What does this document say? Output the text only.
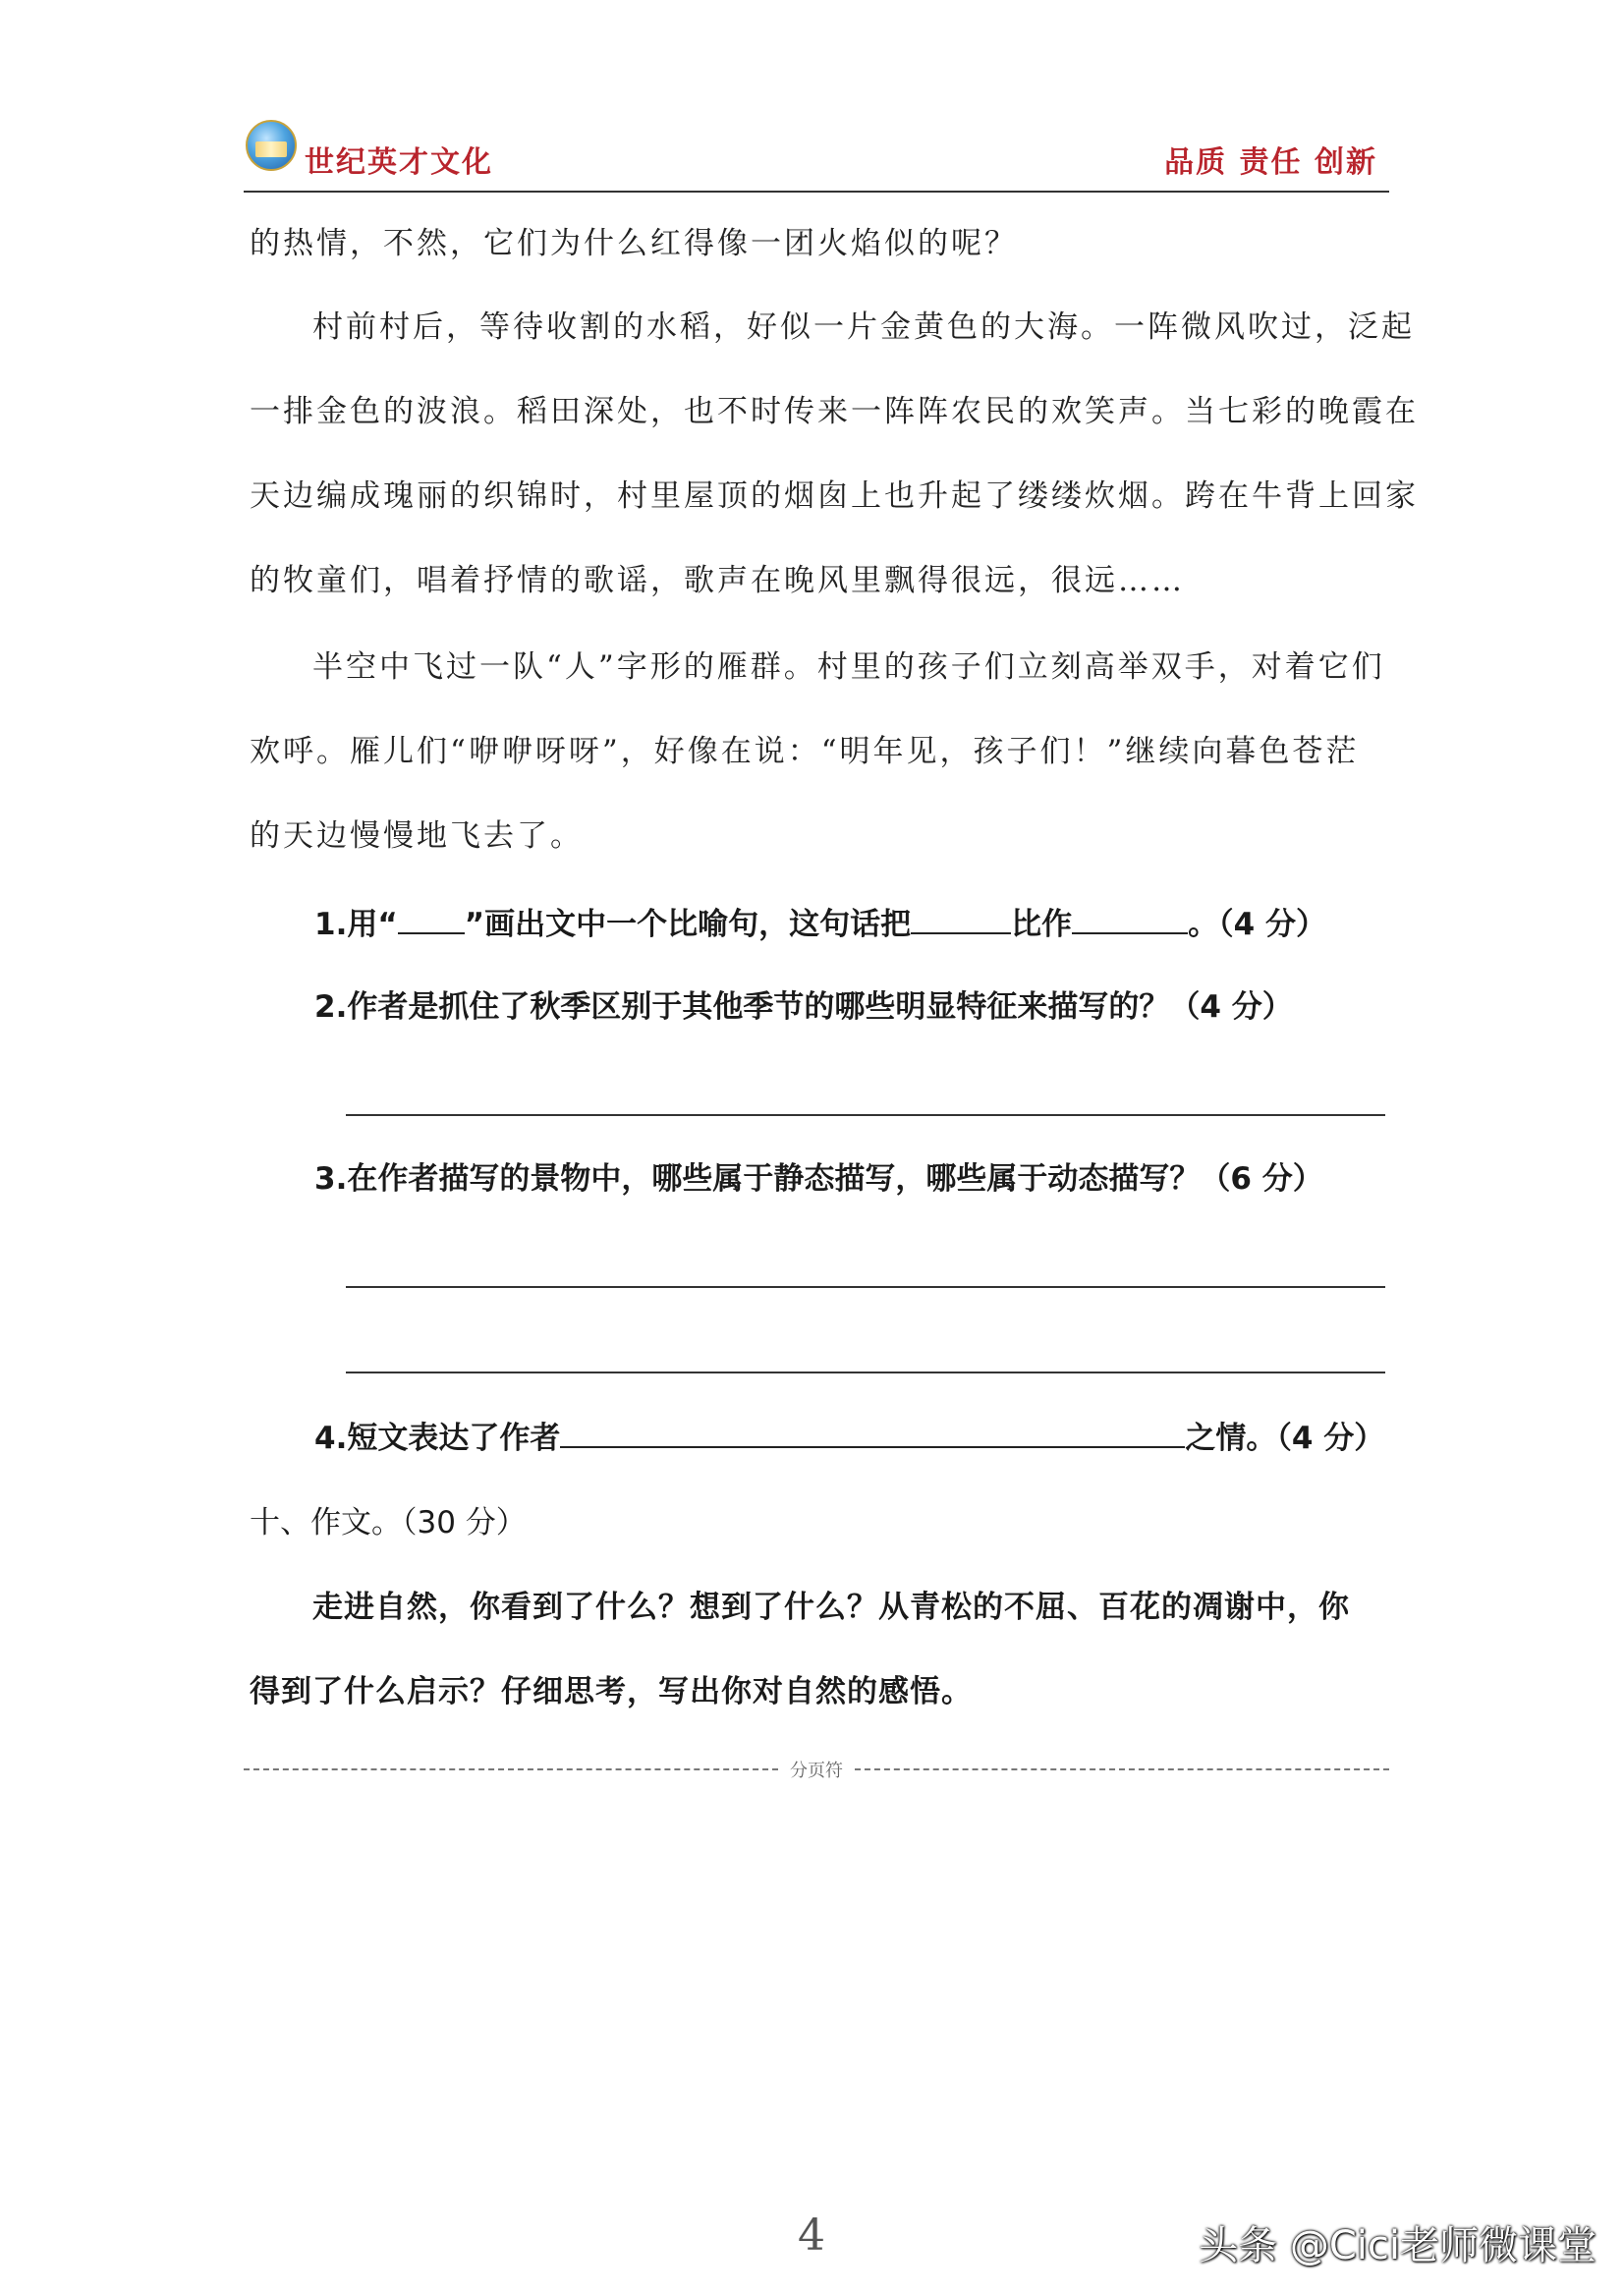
世纪英才文化	品质 责任 创新
的热情，不然，它们为什么红得像一团火焰似的呢？
村前村后，等待收割的水稻，好似一片金黄色的大海。一阵微风吹过，泛起
一排金色的波浪。稻田深处，也不时传来一阵阵农民的欢笑声。当七彩的晚霞在
天边编成瑰丽的织锦时，村里屋顶的烟囱上也升起了缕缕炊烟。跨在牛背上回家
的牧童们，唱着抒情的歌谣，歌声在晚风里飘得很远，很远……
半空中飞过一队“人”字形的雁群。村里的孩子们立刻高举双手，对着它们
欢呼。雁儿们“咿咿呀呀”，好像在说：“明年见，孩子们！”继续向暮色苍茫
的天边慢慢地飞去了。
1.用“ ”画出文中一个比喻句，这句话把	比作	。（4 分）
2.作者是抓住了秋季区别于其他季节的哪些明显特征来描写的？（4 分）
3.在作者描写的景物中，哪些属于静态描写，哪些属于动态描写？（6 分）
4.短文表达了作者	之情。（4 分）
十、作文。（30 分）
走进自然，你看到了什么？想到了什么？从青松的不屈、百花的凋谢中，你
得到了什么启示？仔细思考，写出你对自然的感悟。
分页符
4	头条 @Cici老师微课堂
